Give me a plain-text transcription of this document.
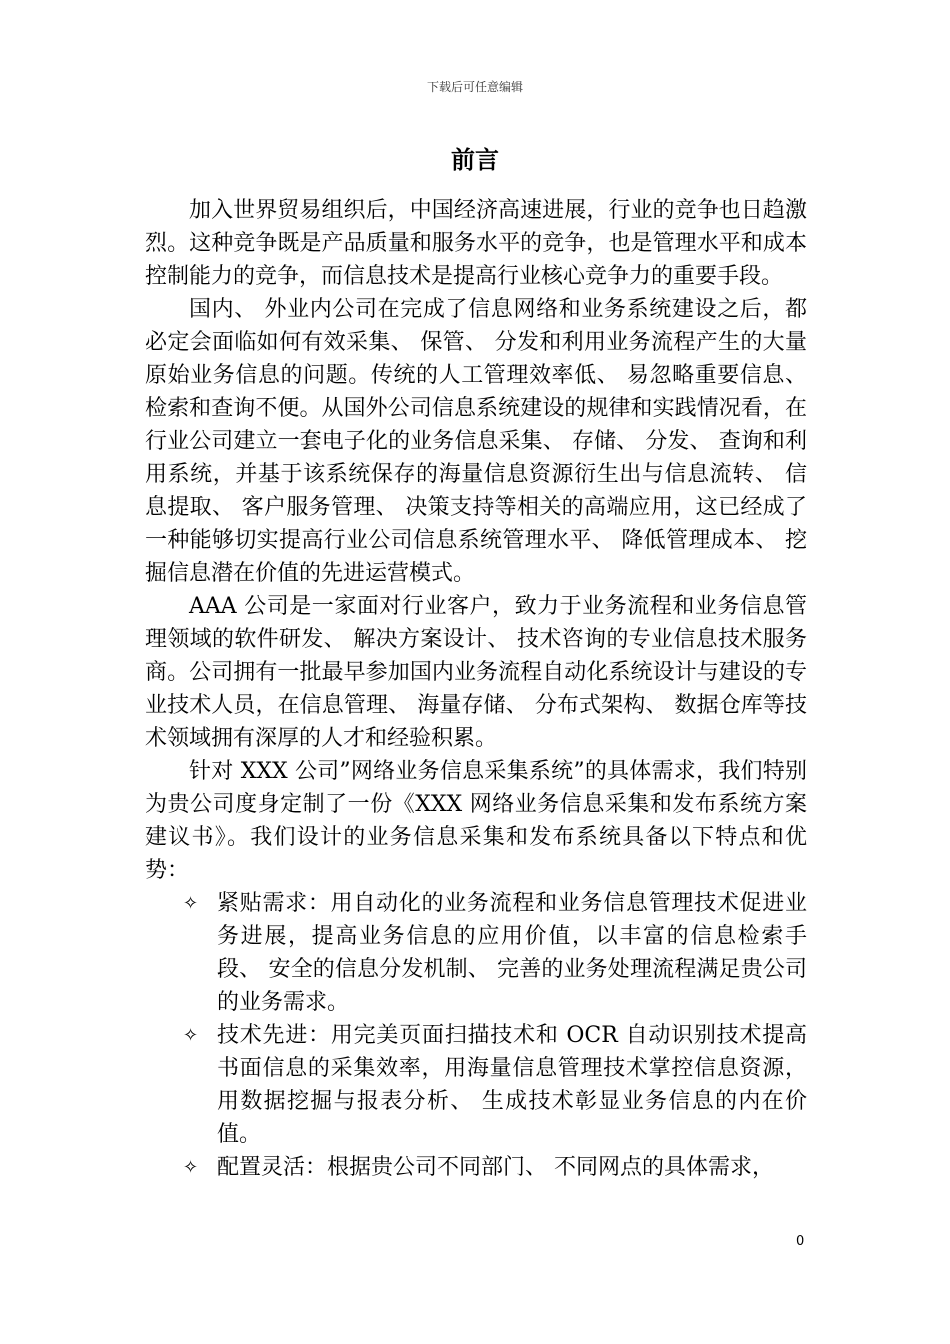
下载后可任意编辑
前言

加入世界贸易组织后，中国经济高速进展，行业的竞争也日趋激烈。这种竞争既是产品质量和服务水平的竞争，也是管理水平和成本控制能力的竞争，而信息技术是提高行业核心竞争力的重要手段。

国内、 外业内公司在完成了信息网络和业务系统建设之后，都必定会面临如何有效采集、 保管、 分发和利用业务流程产生的大量原始业务信息的问题。传统的人工管理效率低、 易忽略重要信息、 检索和查询不便。从国外公司信息系统建设的规律和实践情况看，在行业公司建立一套电子化的业务信息采集、 存储、 分发、 查询和利用系统，并基于该系统保存的海量信息资源衍生出与信息流转、 信息提取、 客户服务管理、 决策支持等相关的高端应用，这已经成了一种能够切实提高行业公司信息系统管理水平、 降低管理成本、 挖掘信息潜在价值的先进运营模式。

AAA 公司是一家面对行业客户，致力于业务流程和业务信息管理领域的软件研发、 解决方案设计、 技术咨询的专业信息技术服务商。公司拥有一批最早参加国内业务流程自动化系统设计与建设的专业技术人员，在信息管理、 海量存储、 分布式架构、 数据仓库等技术领域拥有深厚的人才和经验积累。

针对 XXX 公司”网络业务信息采集系统”的具体需求，我们特别为贵公司度身定制了一份《XXX 网络业务信息采集和发布系统方案建议书》。我们设计的业务信息采集和发布系统具备以下特点和优势：

✧ 紧贴需求：用自动化的业务流程和业务信息管理技术促进业务进展，提高业务信息的应用价值，以丰富的信息检索手段、 安全的信息分发机制、 完善的业务处理流程满足贵公司的业务需求。
✧ 技术先进：用完美页面扫描技术和 OCR 自动识别技术提高书面信息的采集效率，用海量信息管理技术掌控信息资源，用数据挖掘与报表分析、 生成技术彰显业务信息的内在价值。
✧ 配置灵活：根据贵公司不同部门、 不同网点的具体需求，
0
